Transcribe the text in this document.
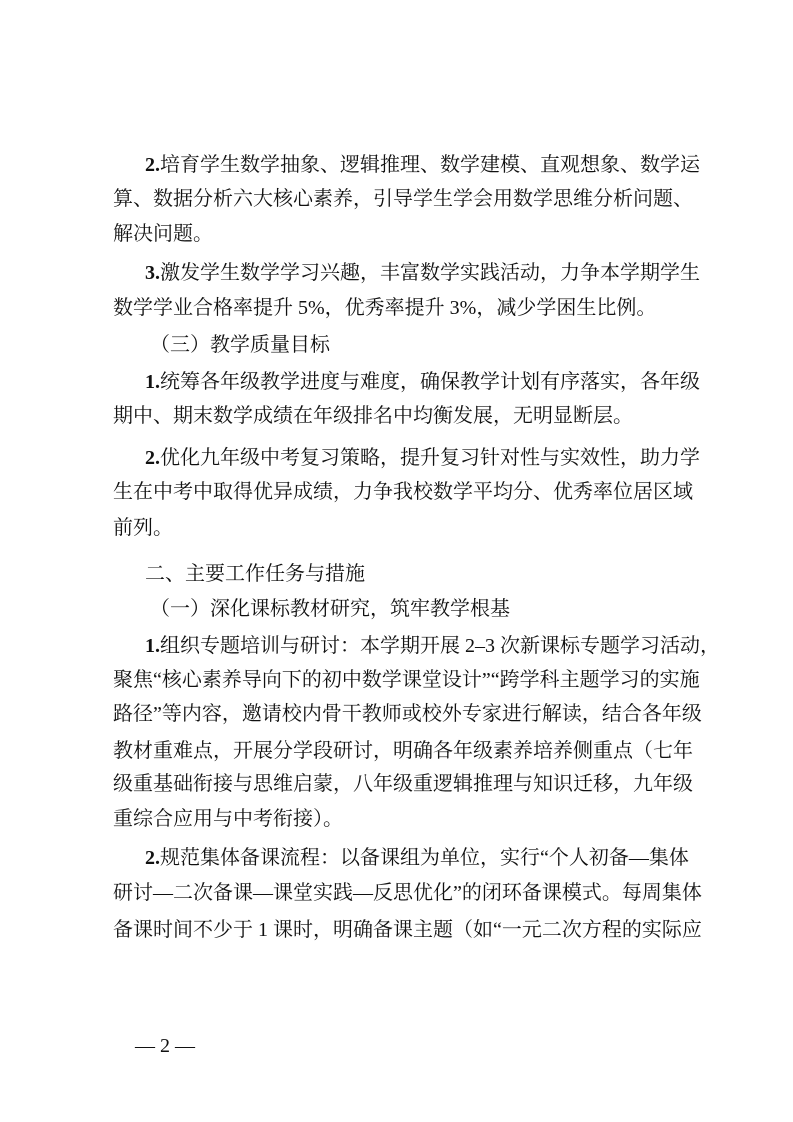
2.培育学生数学抽象、逻辑推理、数学建模、直观想象、数学运
算、数据分析六大核心素养，引导学生学会用数学思维分析问题、
解决问题。
3.激发学生数学学习兴趣，丰富数学实践活动，力争本学期学生
数学学业合格率提升 5%，优秀率提升 3%，减少学困生比例。
（三）教学质量目标
1.统筹各年级教学进度与难度，确保教学计划有序落实，各年级
期中、期末数学成绩在年级排名中均衡发展，无明显断层。
2.优化九年级中考复习策略，提升复习针对性与实效性，助力学
生在中考中取得优异成绩，力争我校数学平均分、优秀率位居区域
前列。
二、主要工作任务与措施
（一）深化课标教材研究，筑牢教学根基
1.组织专题培训与研讨：本学期开展 2–3 次新课标专题学习活动，
聚焦“核心素养导向下的初中数学课堂设计”“跨学科主题学习的实施
路径”等内容，邀请校内骨干教师或校外专家进行解读，结合各年级
教材重难点，开展分学段研讨，明确各年级素养培养侧重点（七年
级重基础衔接与思维启蒙，八年级重逻辑推理与知识迁移，九年级
重综合应用与中考衔接）。
2.规范集体备课流程：以备课组为单位，实行“个人初备—集体
研讨—二次备课—课堂实践—反思优化”的闭环备课模式。每周集体
备课时间不少于 1 课时，明确备课主题（如“一元二次方程的实际应
— 2 —
